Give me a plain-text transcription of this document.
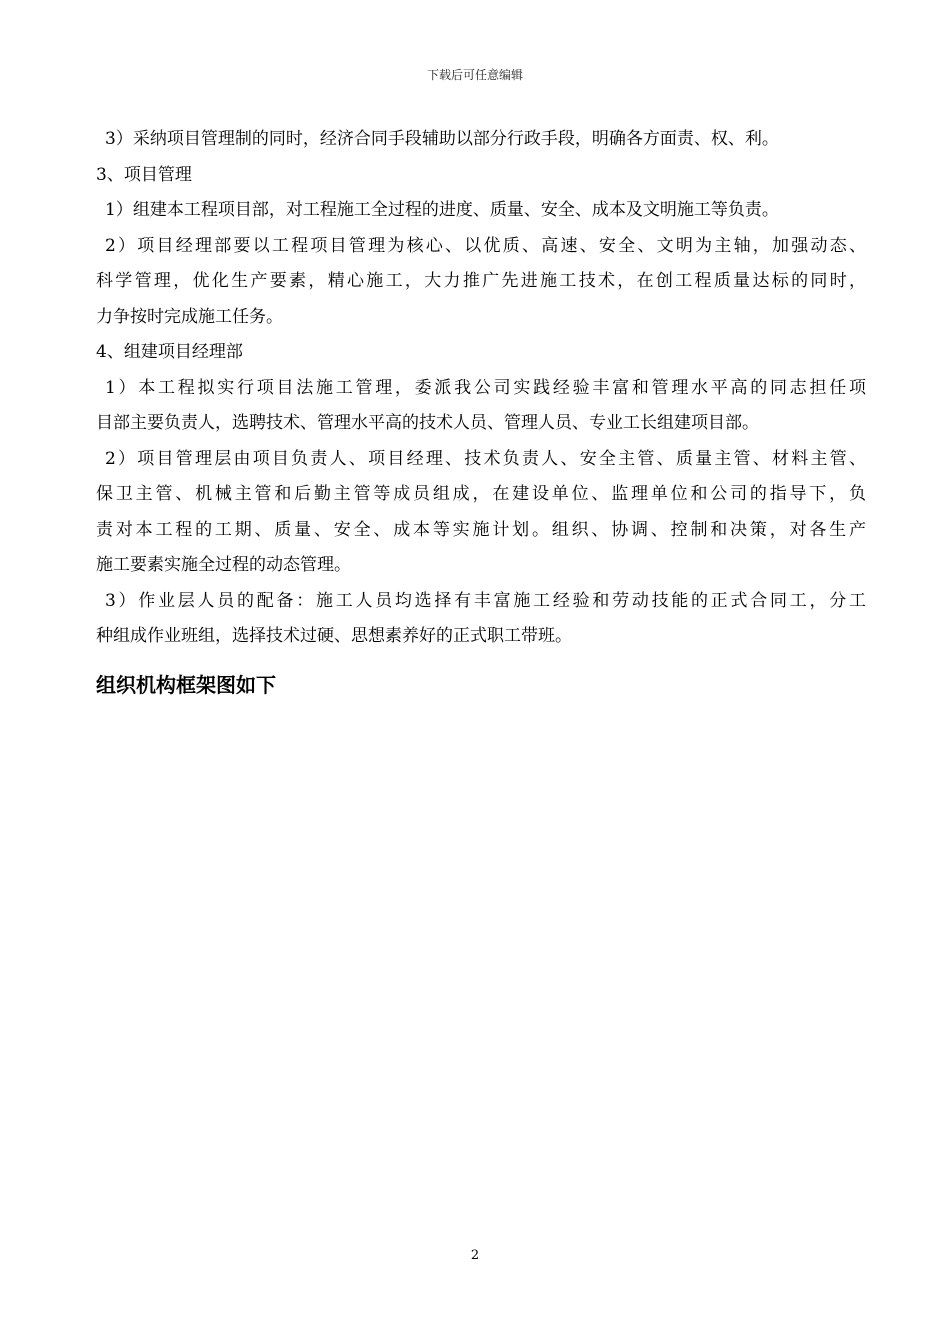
下载后可任意编辑
3）采纳项目管理制的同时，经济合同手段辅助以部分行政手段，明确各方面责、权、利。
3、项目管理
1）组建本工程项目部，对工程施工全过程的进度、质量、安全、成本及文明施工等负责。
2）项目经理部要以工程项目管理为核心、以优质、高速、安全、文明为主轴，加强动态、
科学管理，优化生产要素，精心施工，大力推广先进施工技术，在创工程质量达标的同时，
力争按时完成施工任务。
4、组建项目经理部
1）本工程拟实行项目法施工管理，委派我公司实践经验丰富和管理水平高的同志担任项
目部主要负责人，选聘技术、管理水平高的技术人员、管理人员、专业工长组建项目部。
2）项目管理层由项目负责人、项目经理、技术负责人、安全主管、质量主管、材料主管、
保卫主管、机械主管和后勤主管等成员组成，在建设单位、监理单位和公司的指导下，负
责对本工程的工期、质量、安全、成本等实施计划。组织、协调、控制和决策，对各生产
施工要素实施全过程的动态管理。
3）作业层人员的配备：施工人员均选择有丰富施工经验和劳动技能的正式合同工，分工
种组成作业班组，选择技术过硬、思想素养好的正式职工带班。
组织机构框架图如下
2
